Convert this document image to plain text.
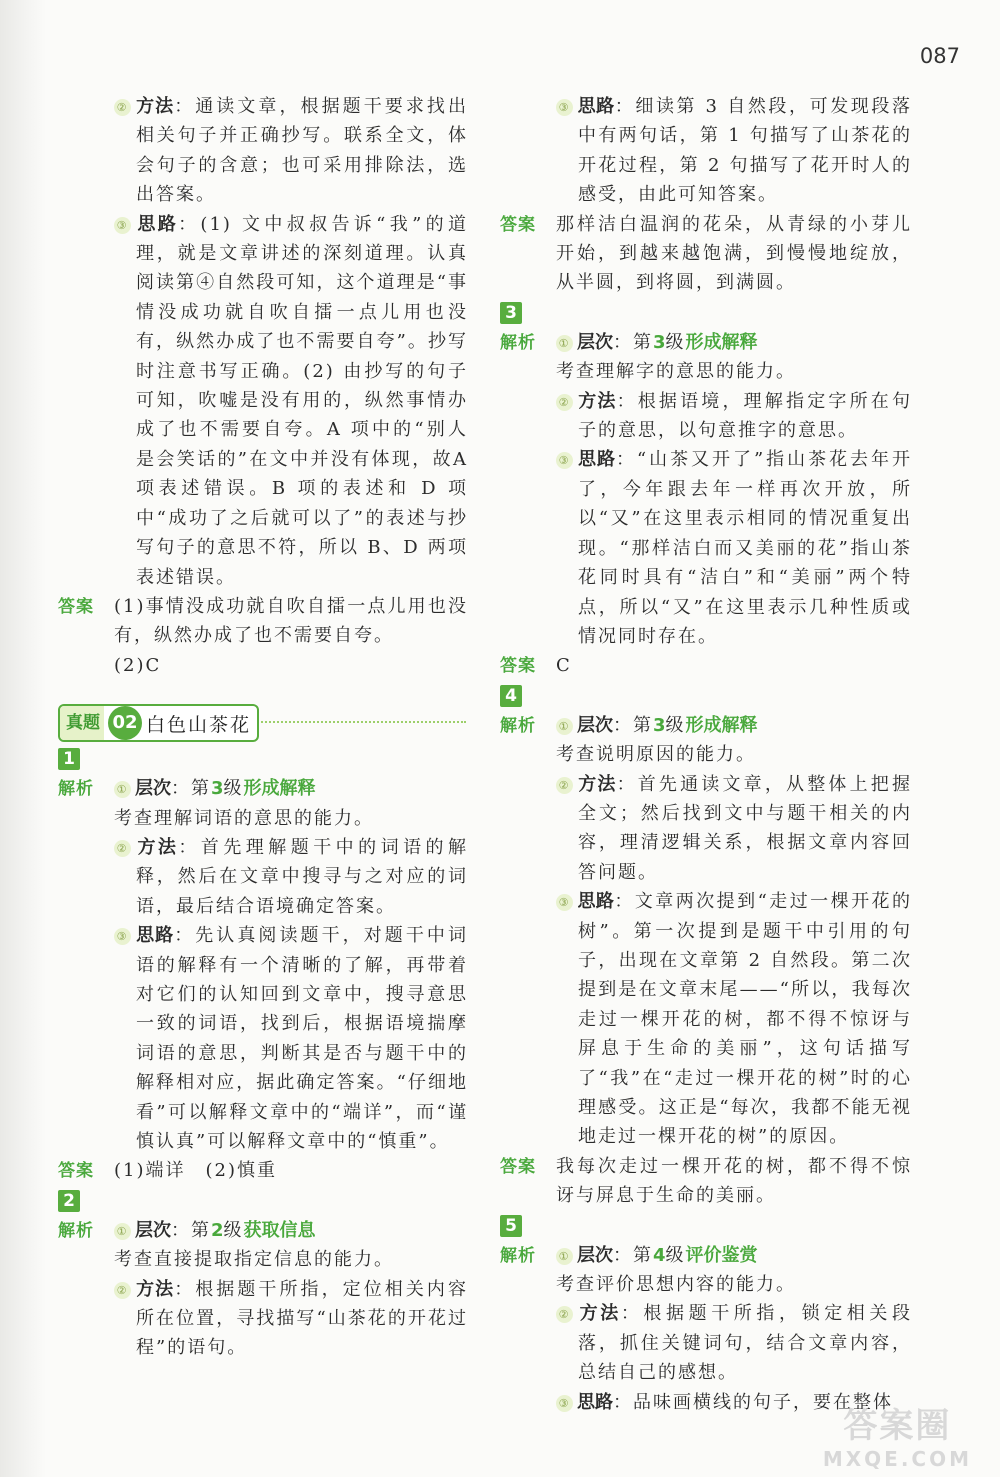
087

② 方法：通读文章，根据题干要求找出相关句子并正确抄写。联系全文，体会句子的含意；也可采用排除法，选出答案。

③ 思路：(1) 文中叔叔告诉“我”的道理，就是文章讲述的深刻道理。认真阅读第④自然段可知，这个道理是“事情没成功就自吹自擂一点儿用也没有，纵然办成了也不需要自夸”。抄写时注意书写正确。(2) 由抄写的句子可知，吹嘘是没有用的，纵然事情办成了也不需要自夸。A 项中的“别人是会笑话的”在文中并没有体现，故A项表述错误。B 项的表述和 D 项中“成功了之后就可以了”的表述与抄写句子的意思不符，所以 B、D 两项表述错误。

答案	(1)事情没成功就自吹自擂一点儿用也没有，纵然办成了也不需要自夸。

(2)C

真题 02 白色山茶花
1
解析	① 层次：第3级形成解释

考查理解词语的意思的能力。

② 方法：首先理解题干中的词语的解释，然后在文章中搜寻与之对应的词语，最后结合语境确定答案。

③ 思路：先认真阅读题干，对题干中词语的解释有一个清晰的了解，再带着对它们的认知回到文章中，搜寻意思一致的词语，找到后，根据语境揣摩词语的意思，判断其是否与题干中的解释相对应，据此确定答案。“仔细地看”可以解释文章中的“端详”，而“谨慎认真”可以解释文章中的“慎重”。

答案	(1)端详　(2)慎重

2
解析	① 层次：第2级获取信息

考查直接提取指定信息的能力。

② 方法：根据题干所指，定位相关内容所在位置，寻找描写“山茶花的开花过程”的语句。

③ 思路：细读第 3 自然段，可发现段落中有两句话，第 1 句描写了山茶花的开花过程，第 2 句描写了花开时人的感受，由此可知答案。

答案	那样洁白温润的花朵，从青绿的小芽儿开始，到越来越饱满，到慢慢地绽放，从半圆，到将圆，到满圆。

3
解析	① 层次：第3级形成解释

考查理解字的意思的能力。

② 方法：根据语境，理解指定字所在句子的意思，以句意推字的意思。

③ 思路：“山茶又开了”指山茶花去年开了，今年跟去年一样再次开放，所以“又”在这里表示相同的情况重复出现。“那样洁白而又美丽的花”指山茶花同时具有“洁白”和“美丽”两个特点，所以“又”在这里表示几种性质或情况同时存在。

答案	C

4
解析	① 层次：第3级形成解释

考查说明原因的能力。

② 方法：首先通读文章，从整体上把握全文；然后找到文中与题干相关的内容，理清逻辑关系，根据文章内容回答问题。

③ 思路：文章两次提到“走过一棵开花的树”。第一次提到是题干中引用的句子，出现在文章第 2 自然段。第二次提到是在文章末尾——“所以，我每次走过一棵开花的树，都不得不惊讶与屏息于生命的美丽”，这句话描写了“我”在“走过一棵开花的树”时的心理感受。这正是“每次，我都不能无视地走过一棵开花的树”的原因。

答案	我每次走过一棵开花的树，都不得不惊讶与屏息于生命的美丽。

5
解析	① 层次：第4级评价鉴赏

考查评价思想内容的能力。

② 方法：根据题干所指，锁定相关段落，抓住关键词句，结合文章内容，总结自己的感想。

③ 思路：品味画横线的句子，要在整体

答案圈
MXQE.COM
